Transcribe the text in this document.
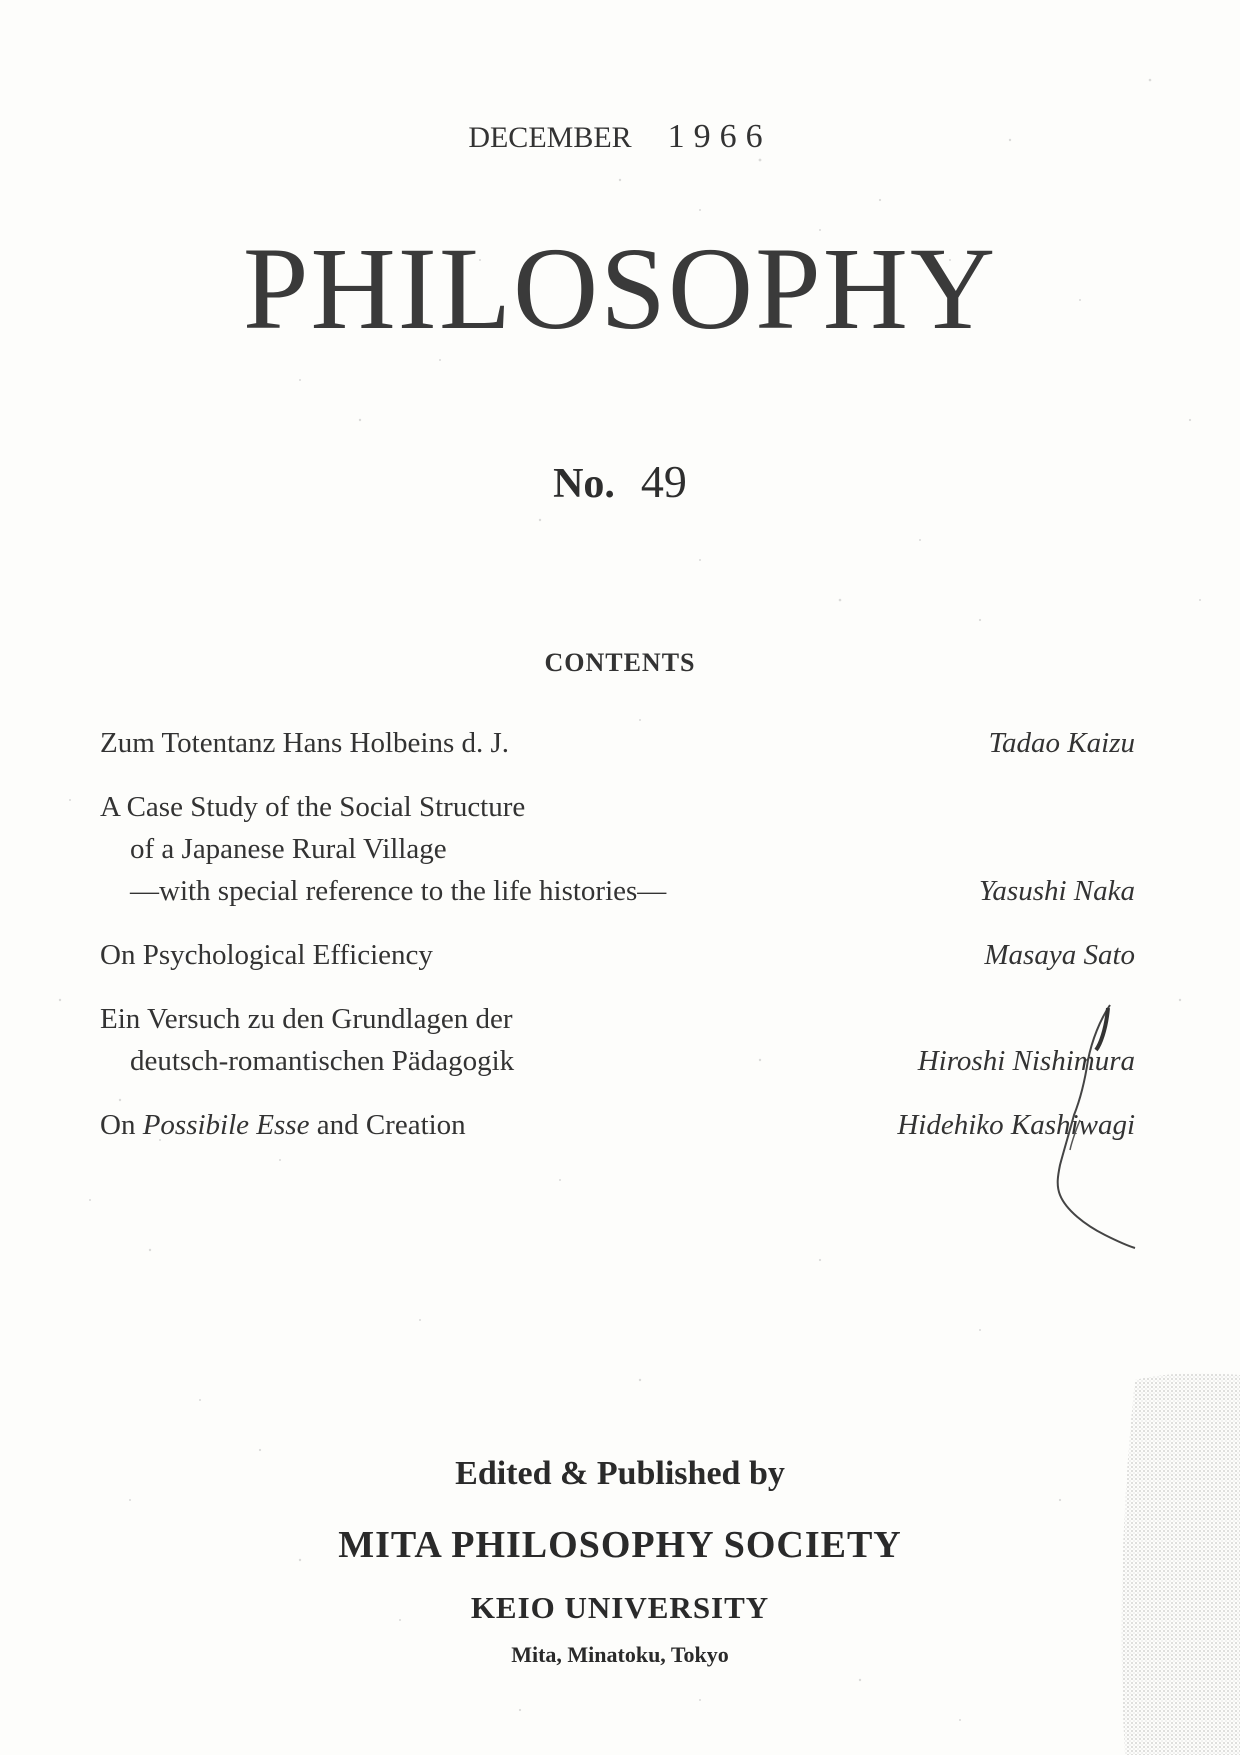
DECEMBER 1966
PHILOSOPHY
No. 49
CONTENTS
Zum Totentanz Hans Holbeins d. J.	Tadao Kaizu
A Case Study of the Social Structure
of a Japanese Rural Village
—with special reference to the life histories—	Yasushi Naka
On Psychological Efficiency	Masaya Sato
Ein Versuch zu den Grundlagen der
deutsch-romantischen Pädagogik	Hiroshi Nishimura
On Possibile Esse and Creation	Hidehiko Kashiwagi
Edited & Published by
MITA PHILOSOPHY SOCIETY
KEIO UNIVERSITY
Mita, Minatoku, Tokyo
